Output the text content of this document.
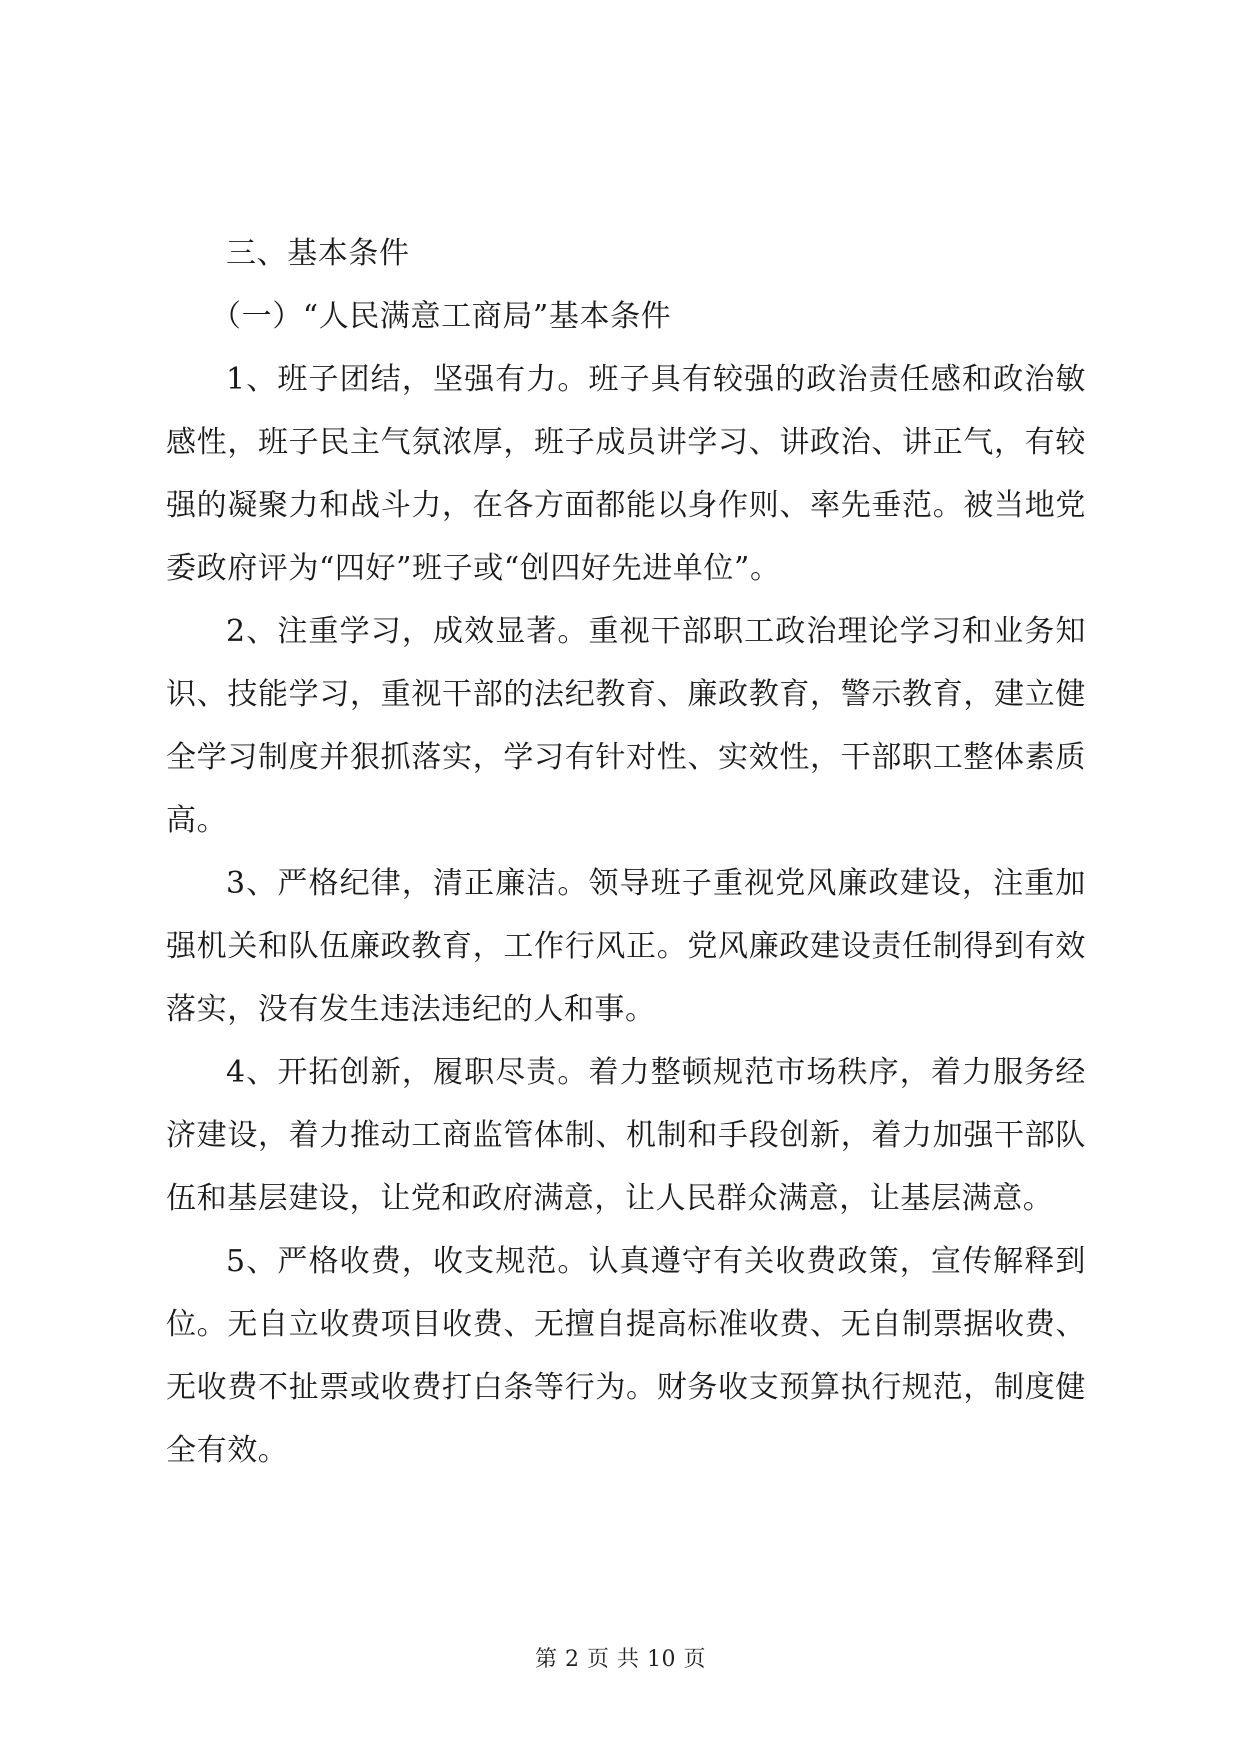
三、基本条件

（一）“人民满意工商局”基本条件

1、班子团结，坚强有力。班子具有较强的政治责任感和政治敏感性，班子民主气氛浓厚，班子成员讲学习、讲政治、讲正气，有较强的凝聚力和战斗力，在各方面都能以身作则、率先垂范。被当地党委政府评为“四好”班子或“创四好先进单位”。

2、注重学习，成效显著。重视干部职工政治理论学习和业务知识、技能学习，重视干部的法纪教育、廉政教育，警示教育，建立健全学习制度并狠抓落实，学习有针对性、实效性，干部职工整体素质高。

3、严格纪律，清正廉洁。领导班子重视党风廉政建设，注重加强机关和队伍廉政教育，工作行风正。党风廉政建设责任制得到有效落实，没有发生违法违纪的人和事。

4、开拓创新，履职尽责。着力整顿规范市场秩序，着力服务经济建设，着力推动工商监管体制、机制和手段创新，着力加强干部队伍和基层建设，让党和政府满意，让人民群众满意，让基层满意。

5、严格收费，收支规范。认真遵守有关收费政策，宣传解释到位。无自立收费项目收费、无擅自提高标准收费、无自制票据收费、无收费不扯票或收费打白条等行为。财务收支预算执行规范，制度健全有效。

第 2 页 共 10 页
